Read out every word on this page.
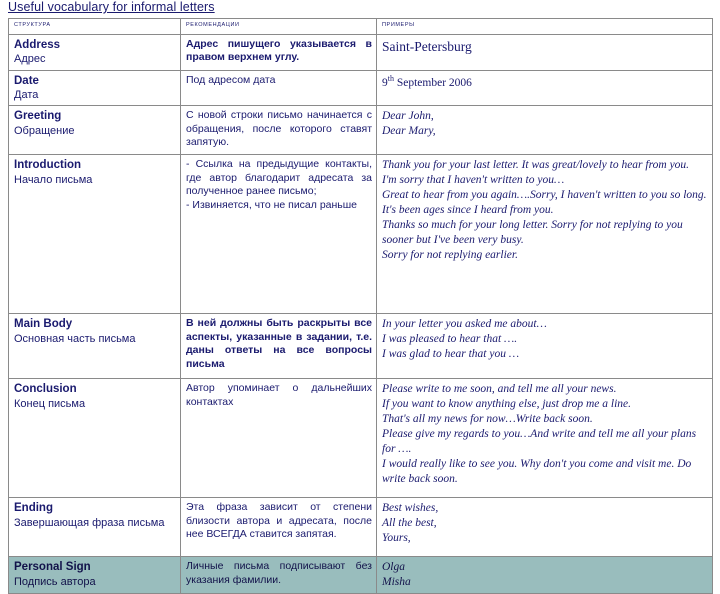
Useful vocabulary for informal letters
СТРУКТУРА	РЕКОМЕНДАЦИИ	ПРИМЕРЫ

Address
Адрес	Адрес пишущего указывается в правом верхнем углу.	Saint-Petersburg

Date
Дата	Под адресом дата	9th September 2006

Greeting
Обращение
	С новой строки письмо начинается с обращения, после которого ставят запятую.	Dear John,
Dear Mary,

Introduction
Начало письма
	- Ссылка на предыдущие контакты, где автор благодарит адресата за полученное ранее письмо;
- Извиняется, что не писал раньше	Thank you for your last letter. It was great/lovely to hear from you.
I'm sorry that I haven't written to you…
Great to hear from you again….Sorry, I haven't written to you so long.
It's been ages since I heard from you.
Thanks so much for your long letter. Sorry for not replying to you sooner but I've been very busy.
Sorry for not replying earlier.

Main Body
Основная часть письма
	В ней должны быть раскрыты все аспекты, указанные в задании, т.е. даны ответы на все вопросы письма	In your letter you asked me about…
I was pleased to hear that ….
I was glad to hear that you …

Conclusion
Конец письма
	Автор упоминает о дальнейших контактах	Please write to me soon, and tell me all your news.
If you want to know anything else, just drop me a line.
That's all my news for now…Write back soon.
Please give my regards to you…And write and tell me all your plans for ….
I would really like to see you. Why don't you come and visit me. Do write back soon.

Ending
Завершающая фраза письма
	Эта фраза зависит от степени близости автора и адресата, после нее ВСЕГДА ставится запятая.	Best wishes,
All the best,
Yours,

Personal Sign
Подпись автора
	Личные письма подписывают без указания фамилии.	Olga
Misha
